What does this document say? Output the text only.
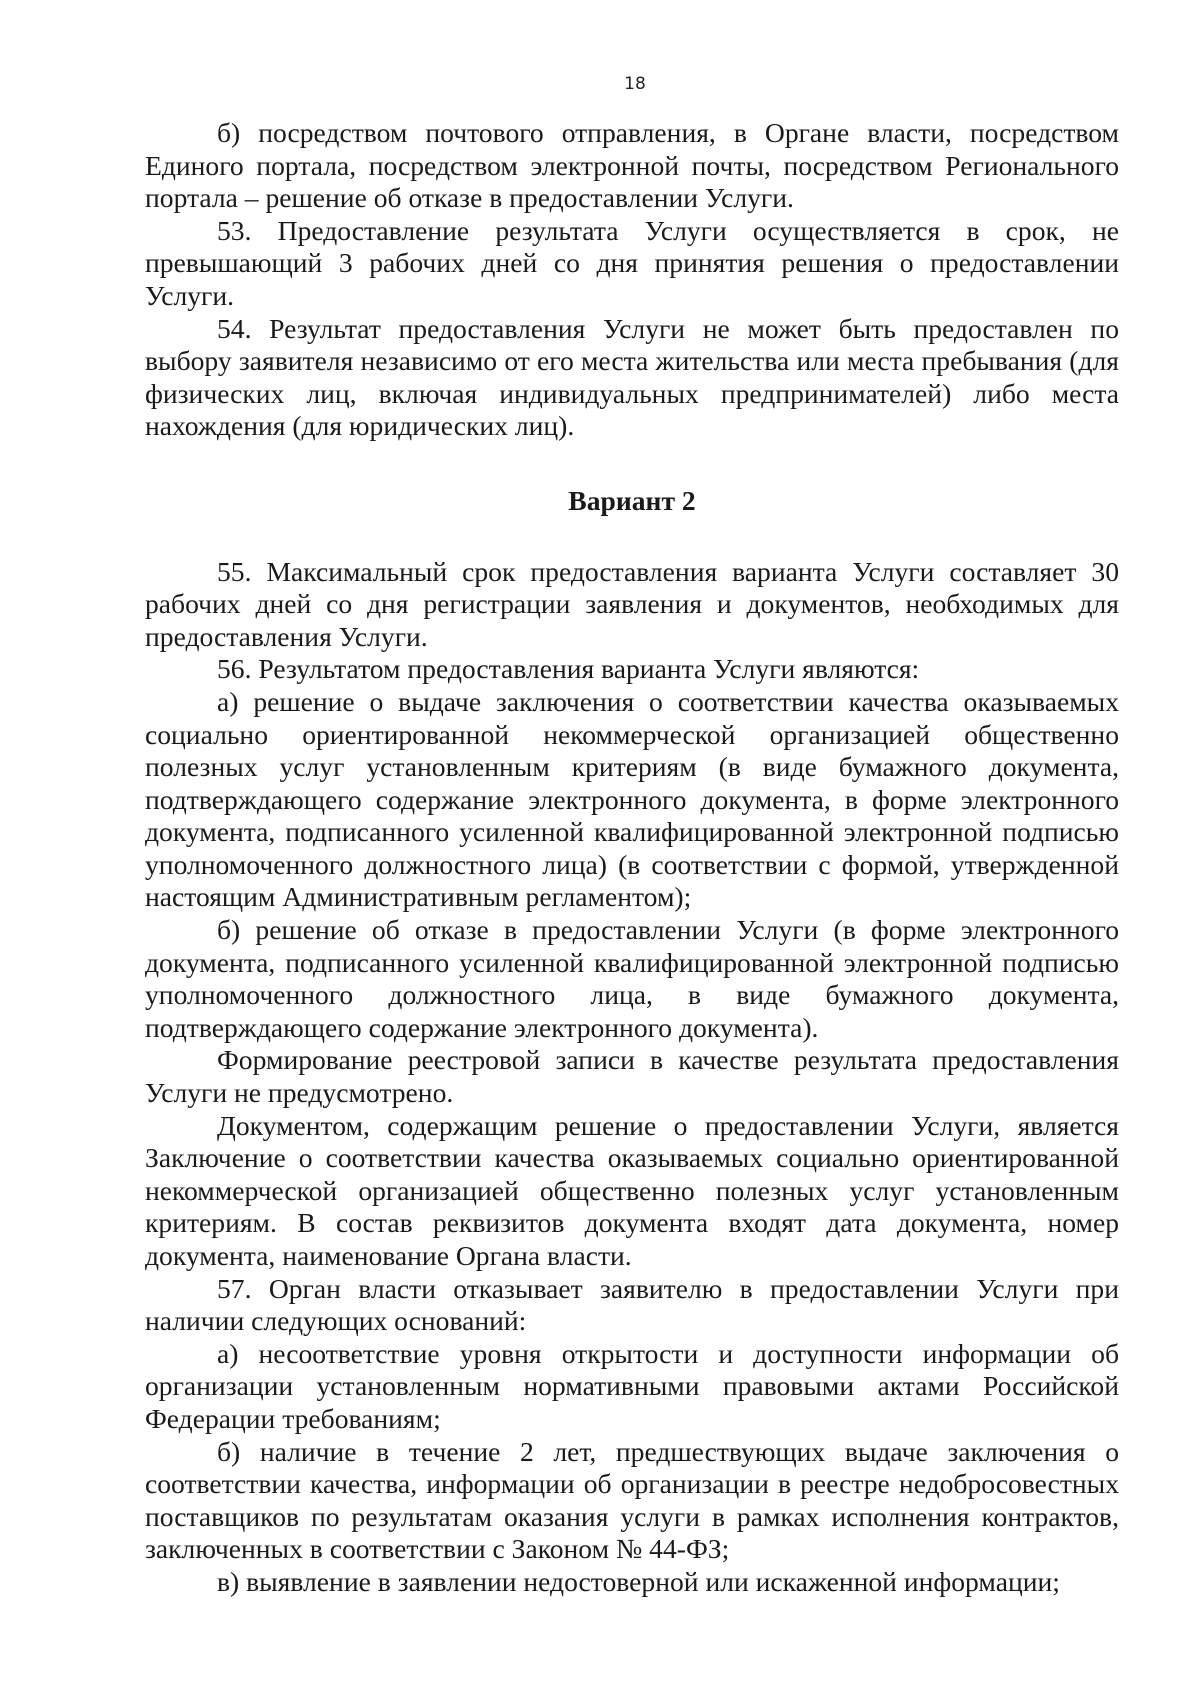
18

б) посредством почтового отправления, в Органе власти, посредством Единого портала, посредством электронной почты, посредством Регионального портала – решение об отказе в предоставлении Услуги.

53. Предоставление результата Услуги осуществляется в срок, не превышающий 3 рабочих дней со дня принятия решения о предоставлении Услуги.

54. Результат предоставления Услуги не может быть предоставлен по выбору заявителя независимо от его места жительства или места пребывания (для физических лиц, включая индивидуальных предпринимателей) либо места нахождения (для юридических лиц).

Вариант 2

55. Максимальный срок предоставления варианта Услуги составляет 30 рабочих дней со дня регистрации заявления и документов, необходимых для предоставления Услуги.

56. Результатом предоставления варианта Услуги являются:

а) решение о выдаче заключения о соответствии качества оказываемых социально ориентированной некоммерческой организацией общественно полезных услуг установленным критериям (в виде бумажного документа, подтверждающего содержание электронного документа, в форме электронного документа, подписанного усиленной квалифицированной электронной подписью уполномоченного должностного лица) (в соответствии с формой, утвержденной настоящим Административным регламентом);

б) решение об отказе в предоставлении Услуги (в форме электронного документа, подписанного усиленной квалифицированной электронной подписью уполномоченного должностного лица, в виде бумажного документа, подтверждающего содержание электронного документа).

Формирование реестровой записи в качестве результата предоставления Услуги не предусмотрено.

Документом, содержащим решение о предоставлении Услуги, является Заключение о соответствии качества оказываемых социально ориентированной некоммерческой организацией общественно полезных услуг установленным критериям. В состав реквизитов документа входят дата документа, номер документа, наименование Органа власти.

57. Орган власти отказывает заявителю в предоставлении Услуги при наличии следующих оснований:

а) несоответствие уровня открытости и доступности информации об организации установленным нормативными правовыми актами Российской Федерации требованиям;

б) наличие в течение 2 лет, предшествующих выдаче заключения о соответствии качества, информации об организации в реестре недобросовестных поставщиков по результатам оказания услуги в рамках исполнения контрактов, заключенных в соответствии с Законом № 44-ФЗ;

в) выявление в заявлении недостоверной или искаженной информации;
